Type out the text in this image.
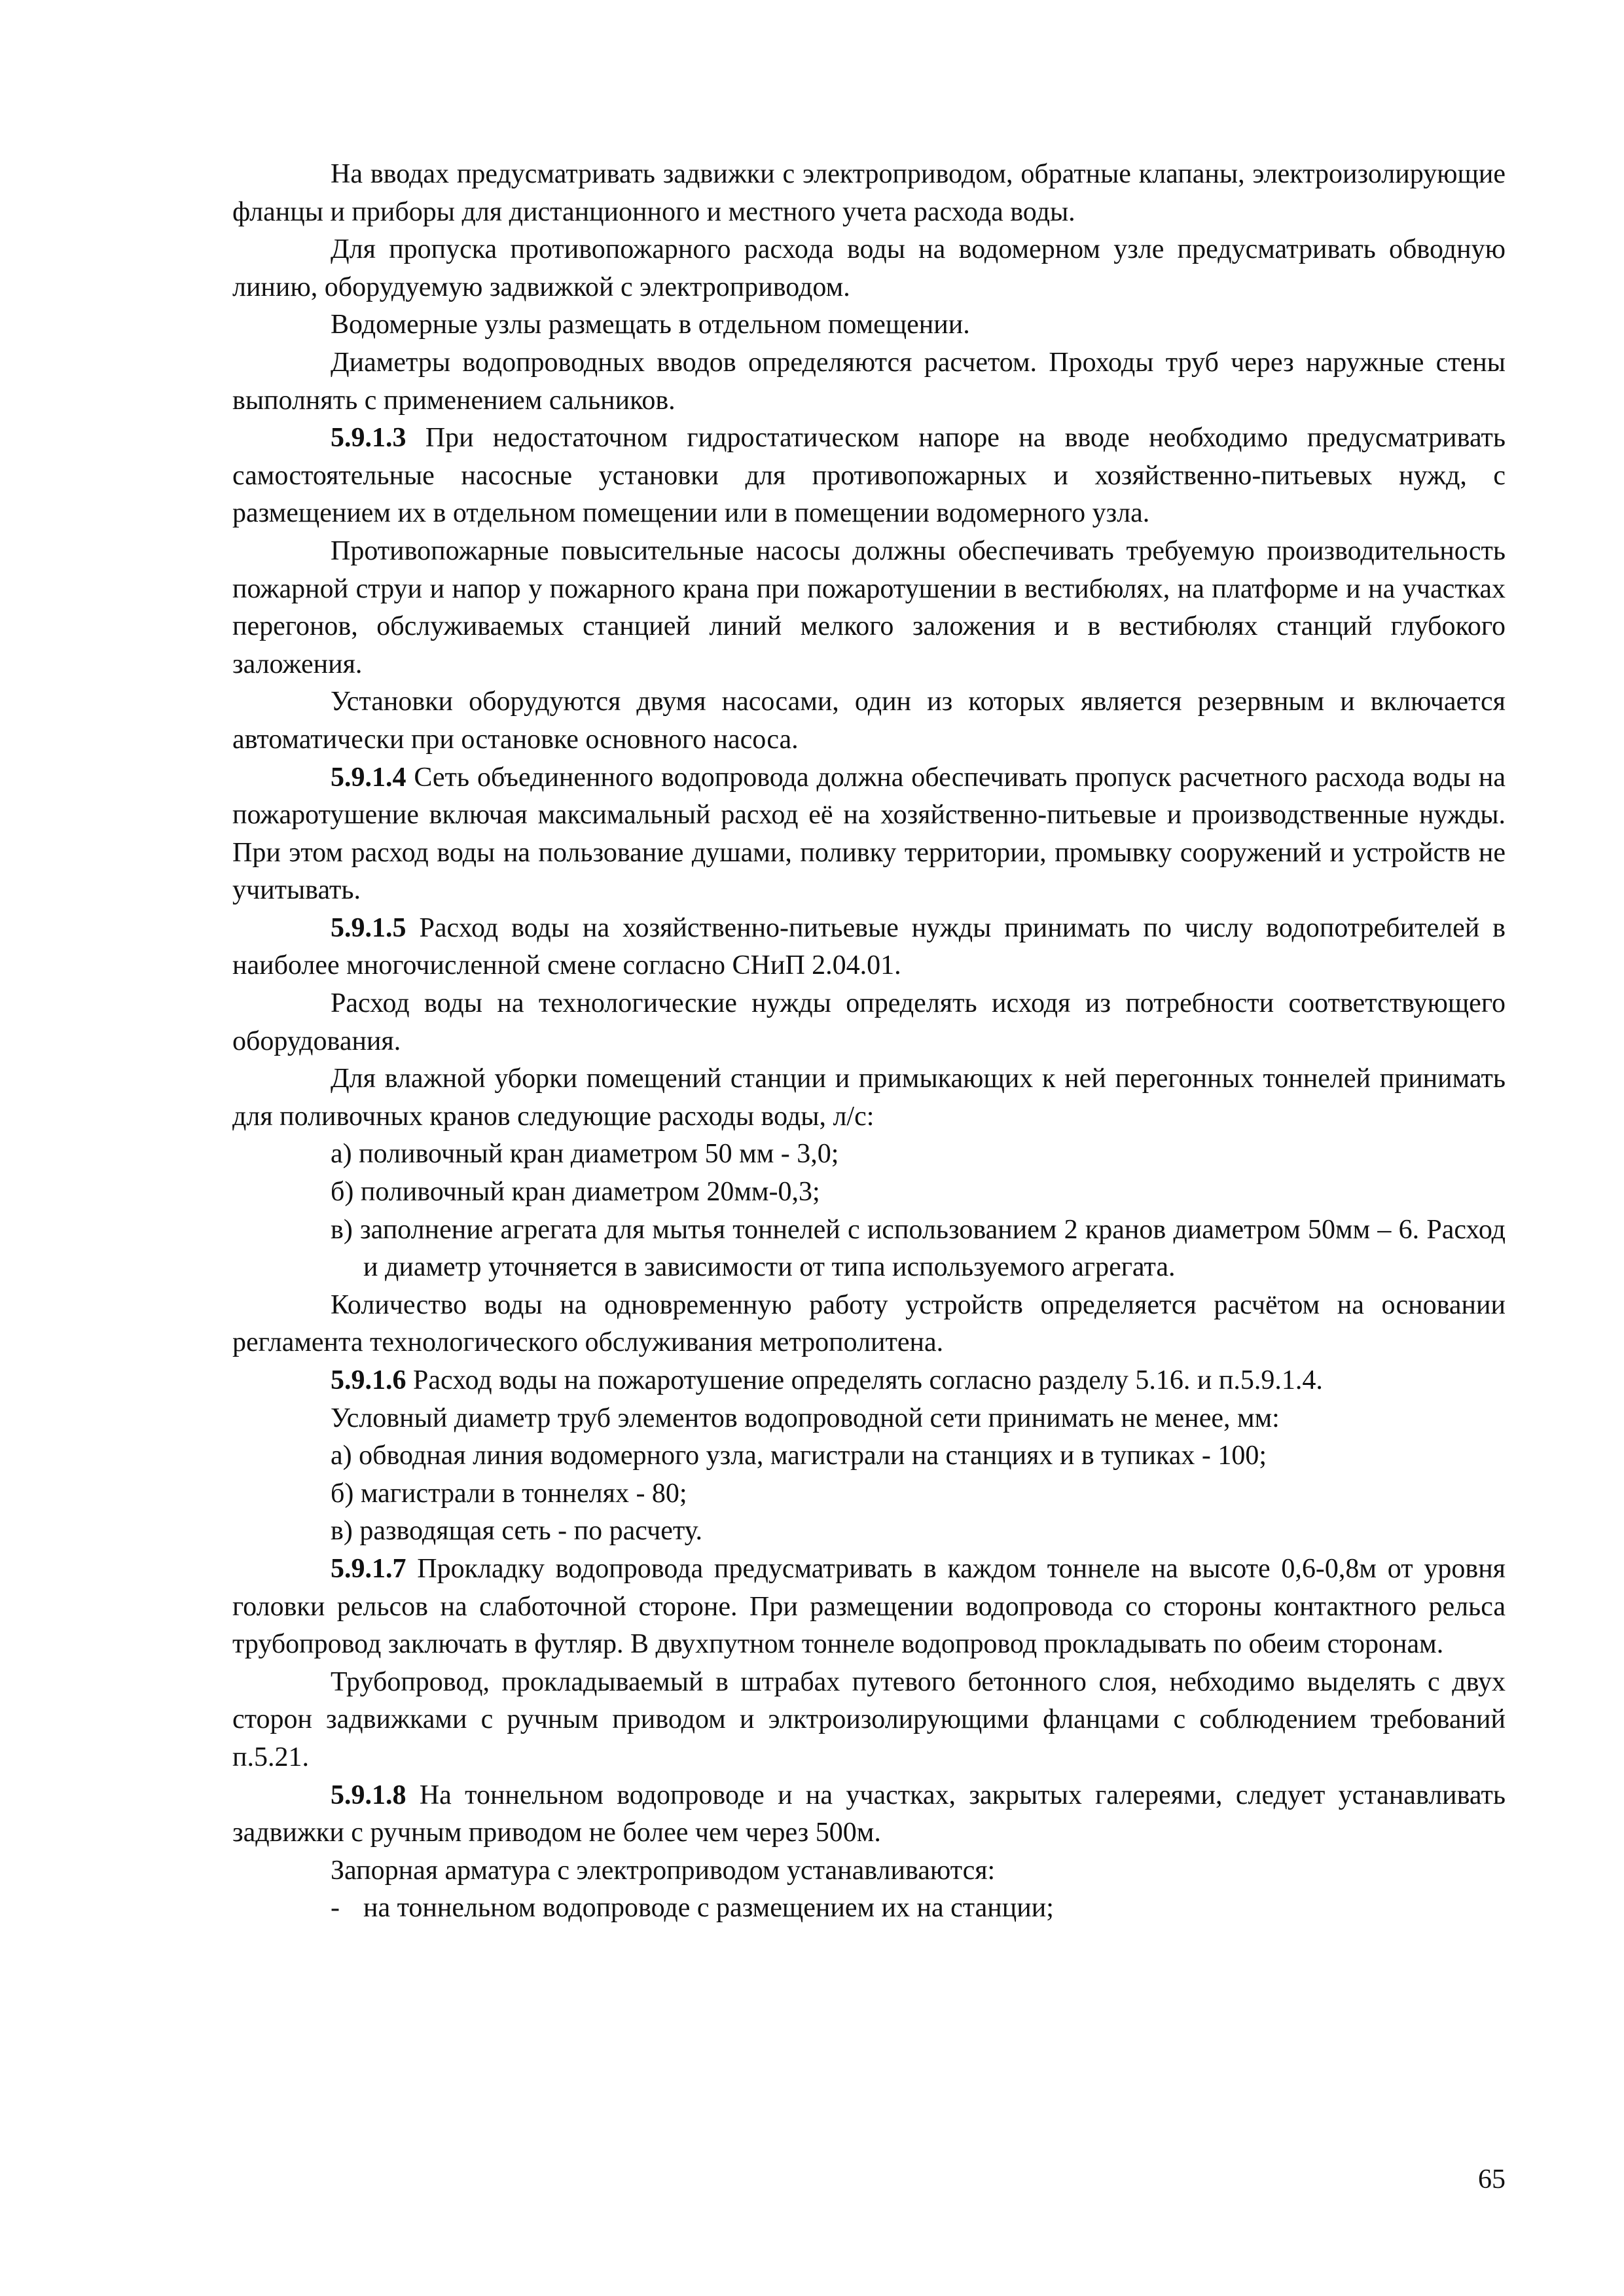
На вводах предусматривать задвижки с электроприводом, обратные клапаны, электроизолирующие фланцы и приборы для дистанционного и местного учета расхода воды.

Для пропуска противопожарного расхода воды на водомерном узле предусматривать обводную линию, оборудуемую задвижкой с электроприводом.

Водомерные узлы размещать в отдельном помещении.

Диаметры водопроводных вводов определяются расчетом. Проходы труб через наружные стены выполнять с применением сальников.

5.9.1.3 При недостаточном гидростатическом напоре на вводе необходимо предусматривать самостоятельные насосные установки для противопожарных и хозяйственно-питьевых нужд, с размещением их в отдельном помещении или в помещении водомерного узла.

Противопожарные повысительные насосы должны обеспечивать требуемую производительность пожарной струи и напор у пожарного крана при пожаротушении в вестибюлях, на платформе и на участках перегонов, обслуживаемых станцией линий мелкого заложения и в вестибюлях станций глубокого заложения.

Установки оборудуются двумя насосами, один из которых является резервным и включается автоматически при остановке основного насоса.

5.9.1.4 Сеть объединенного водопровода должна обеспечивать пропуск расчетного расхода воды на пожаротушение включая максимальный расход её на хозяйственно-питьевые и производственные нужды. При этом расход воды на пользование душами, поливку территории, промывку сооружений и устройств не учитывать.

5.9.1.5 Расход воды на хозяйственно-питьевые нужды принимать по числу водопотребителей в наиболее многочисленной смене согласно СНиП 2.04.01.

Расход воды на технологические нужды определять исходя из потребности соответствующего оборудования.

Для влажной уборки помещений станции и примыкающих к ней перегонных тоннелей принимать для поливочных кранов следующие расходы воды, л/с:

а) поливочный кран диаметром 50 мм - 3,0;

б) поливочный кран диаметром 20мм-0,3;

в) заполнение агрегата для мытья тоннелей с использованием 2 кранов диаметром 50мм – 6. Расход и диаметр уточняется в зависимости от типа используемого агрегата.

Количество воды на одновременную работу устройств определяется расчётом на основании регламента технологического обслуживания метрополитена.

5.9.1.6 Расход воды на пожаротушение определять согласно разделу 5.16. и п.5.9.1.4.

Условный диаметр труб элементов водопроводной сети принимать не менее, мм:

а) обводная линия водомерного узла, магистрали на станциях и в тупиках - 100;

б) магистрали в тоннелях - 80;

в) разводящая сеть - по расчету.

5.9.1.7 Прокладку водопровода предусматривать в каждом тоннеле на высоте 0,6-0,8м от уровня головки рельсов на слаботочной стороне. При размещении водопровода со стороны контактного рельса трубопровод заключать в футляр. В двухпутном тоннеле водопровод прокладывать по обеим сторонам.

Трубопровод, прокладываемый в штрабах путевого бетонного слоя, небходимо выделять с двух сторон задвижками с ручным приводом и элктроизолирующими фланцами с соблюдением требований п.5.21.

5.9.1.8 На тоннельном водопроводе и на участках, закрытых галереями, следует устанавливать задвижки с ручным приводом не более чем через 500м.

Запорная арматура с электроприводом устанавливаются:

- на тоннельном водопроводе с размещением их на станции;

65
